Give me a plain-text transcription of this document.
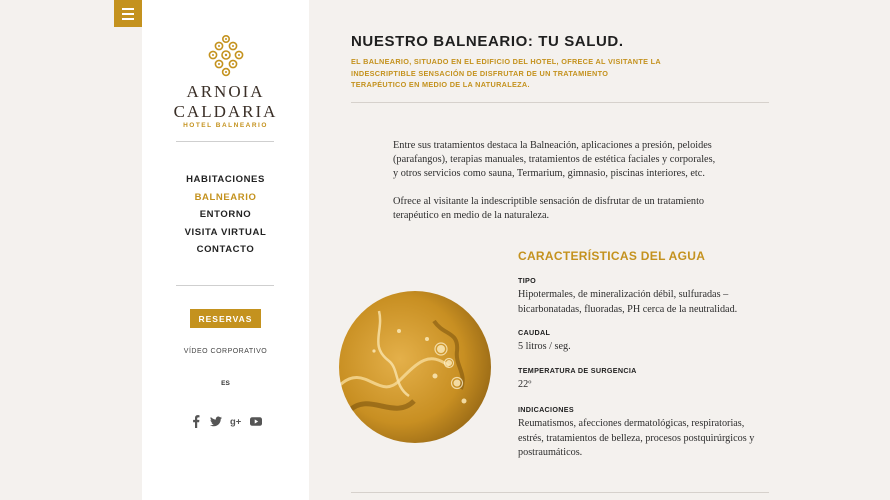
ARNOIA CALDARIA
HOTEL BALNEARIO
HABITACIONES
BALNEARIO
ENTORNO
VISITA VIRTUAL
CONTACTO
RESERVAS
VÍDEO CORPORATIVO
ES
g+
NUESTRO BALNEARIO: TU SALUD.
EL BALNEARIO, SITUADO EN EL EDIFICIO DEL HOTEL, OFRECE AL VISITANTE LA
INDESCRIPTIBLE SENSACIÓN DE DISFRUTAR DE UN TRATAMIENTO
TERAPÉUTICO EN MEDIO DE LA NATURALEZA.
Entre sus tratamientos destaca la Balneación, aplicaciones a presión, peloides
(parafangos), terapias manuales, tratamientos de estética faciales y corporales,
y otros servicios como sauna, Termarium, gimnasio, piscinas interiores, etc.
Ofrece al visitante la indescriptible sensación de disfrutar de un tratamiento
terapéutico en medio de la naturaleza.
CARACTERÍSTICAS DEL AGUA
TIPO
Hipotermales, de mineralización débil, sulfuradas –
bicarbonatadas, fluoradas, PH cerca de la neutralidad.
CAUDAL
5 litros / seg.
TEMPERATURA DE SURGENCIA
22º
INDICACIONES
Reumatismos, afecciones dermatológicas, respiratorias,
estrés, tratamientos de belleza, procesos postquirúrgicos y
postraumáticos.
